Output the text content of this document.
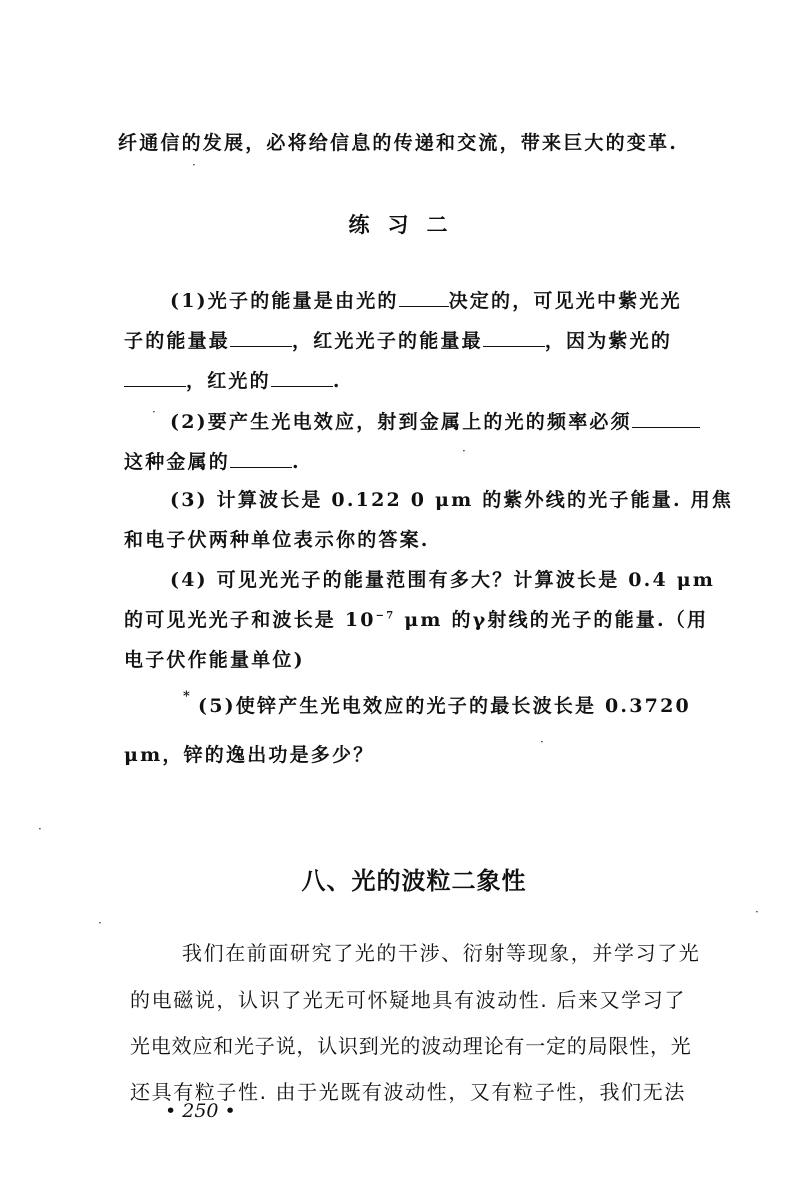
纤通信的发展，必将给信息的传递和交流，带来巨大的变革.
练习二
(1)光子的能量是由光的	决定的，可见光中紫光光
子的能量最	，红光光子的能量最	，因为紫光的
，红光的	.
(2)要产生光电效应，射到金属上的光的频率必须
这种金属的	.
(3) 计算波长是 0.122 0 μm 的紫外线的光子能量. 用焦
和电子伏两种单位表示你的答案.
(4) 可见光光子的能量范围有多大？计算波长是 0.4 μm
的可见光光子和波长是 $10^{-7}$ μm 的γ射线的光子的能量.（用
电子伏作能量单位)
* (5)使锌产生光电效应的光子的最长波长是 0.3720
μm，锌的逸出功是多少？
八、光的波粒二象性
我们在前面研究了光的干涉、衍射等现象，并学习了光
的电磁说，认识了光无可怀疑地具有波动性. 后来又学习了
光电效应和光子说，认识到光的波动理论有一定的局限性，光
还具有粒子性. 由于光既有波动性，又有粒子性，我们无法
• 250 •
·
·
·
·
·
·
·
